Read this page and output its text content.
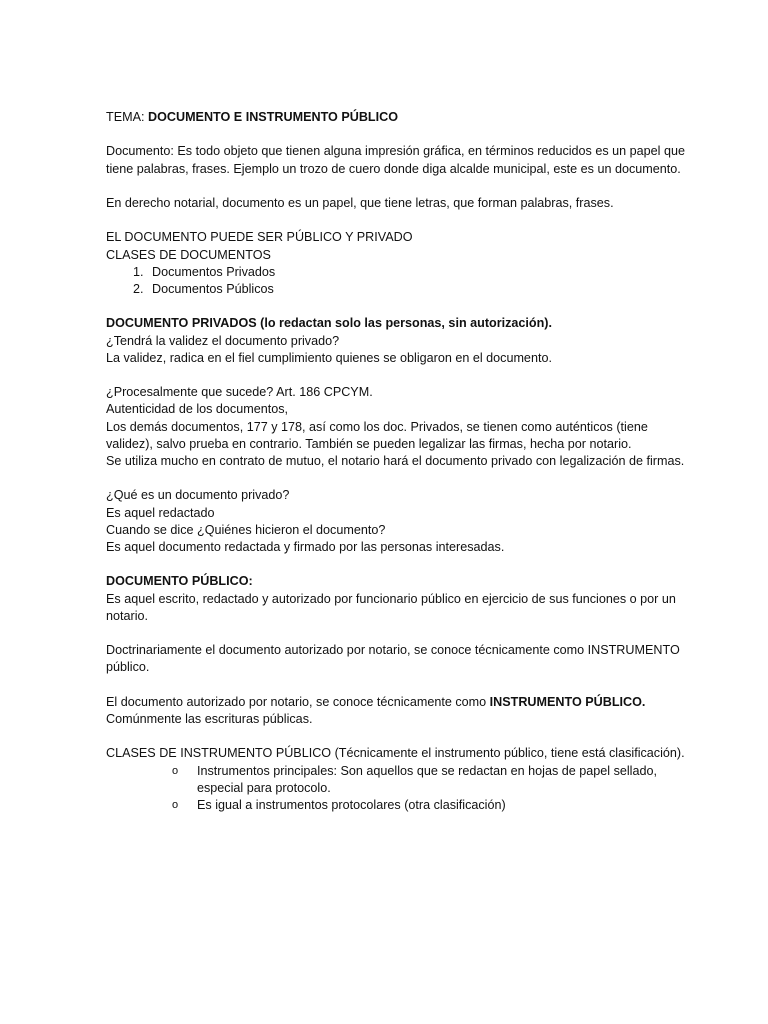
TEMA: DOCUMENTO E INSTRUMENTO PÚBLICO

Documento: Es todo objeto que tienen alguna impresión gráfica, en términos reducidos es un papel que tiene palabras, frases. Ejemplo un trozo de cuero donde diga alcalde municipal, este es un documento.

En derecho notarial, documento es un papel, que tiene letras, que forman palabras, frases.

EL DOCUMENTO PUEDE SER PÚBLICO Y PRIVADO

CLASES DE DOCUMENTOS

1. Documentos Privados
2. Documentos Públicos

DOCUMENTO PRIVADOS (lo redactan solo las personas, sin autorización).

¿Tendrá la validez el documento privado?

La validez, radica en el fiel cumplimiento quienes se obligaron en el documento.

¿Procesalmente que sucede? Art. 186 CPCYM.

Autenticidad de los documentos,

Los demás documentos, 177 y 178, así como los doc. Privados, se tienen como auténticos (tiene validez), salvo prueba en contrario. También se pueden legalizar las firmas, hecha por notario.

Se utiliza mucho en contrato de mutuo, el notario hará el documento privado con legalización de firmas.

¿Qué es un documento privado?

Es aquel redactado

Cuando se dice ¿Quiénes hicieron el documento?

Es aquel documento redactada y firmado por las personas interesadas.

DOCUMENTO PÚBLICO:

Es aquel escrito, redactado y autorizado por funcionario público en ejercicio de sus funciones o por un notario.

Doctrinariamente el documento autorizado por notario, se conoce técnicamente como INSTRUMENTO público.

El documento autorizado por notario, se conoce técnicamente como INSTRUMENTO PÚBLICO.

Comúnmente las escrituras públicas.

CLASES DE INSTRUMENTO PÚBLICO (Técnicamente el instrumento público, tiene está clasificación).

o Instrumentos principales: Son aquellos que se redactan en hojas de papel sellado, especial para protocolo.
o Es igual a instrumentos protocolares (otra clasificación)
